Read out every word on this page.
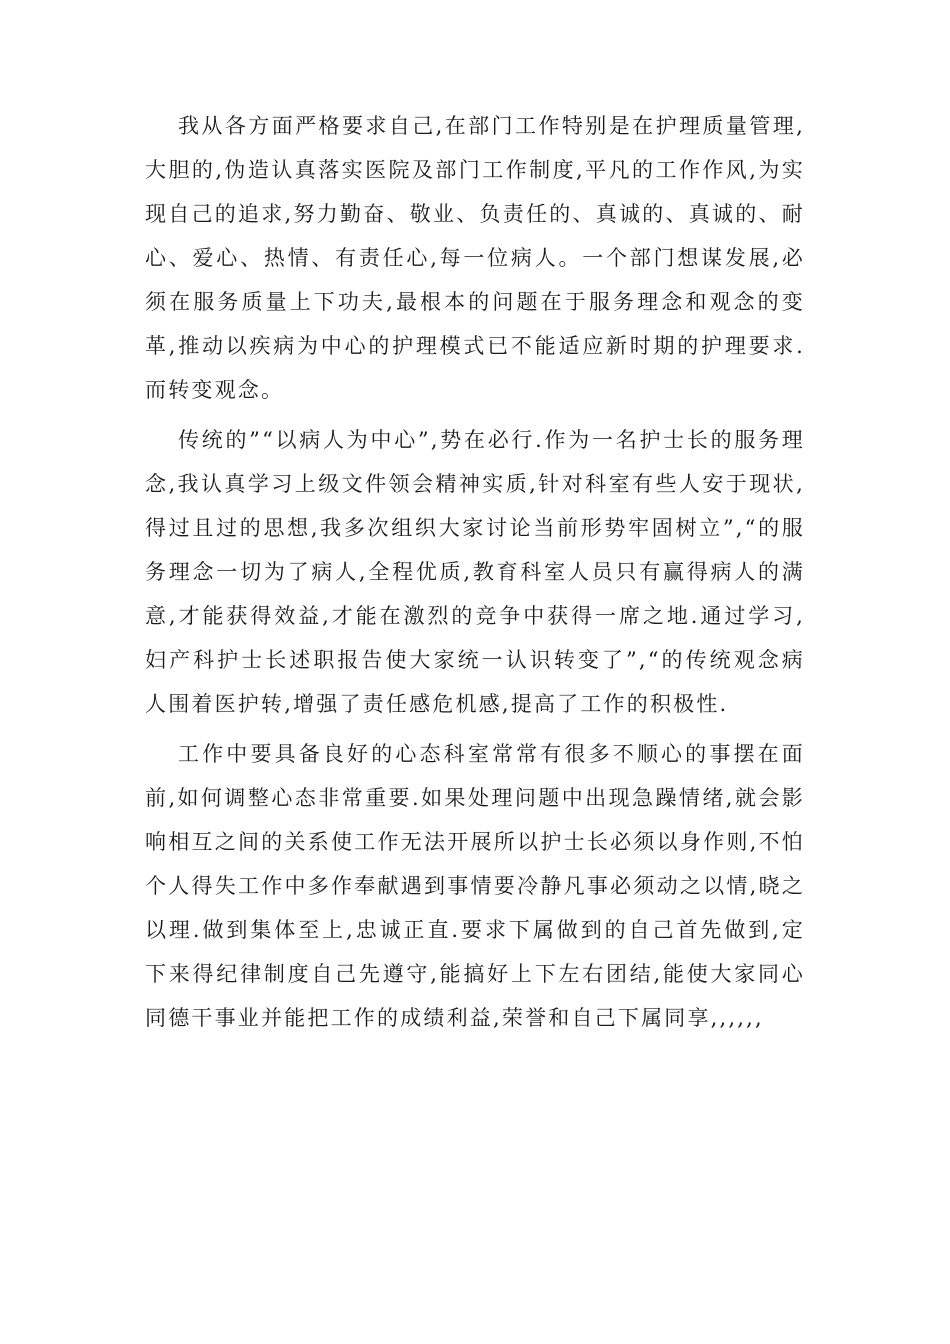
我从各方面严格要求自己,在部门工作特别是在护理质量管理,大胆的,伪造认真落实医院及部门工作制度,平凡的工作作风,为实现自己的追求,努力勤奋、敬业、负责任的、真诚的、真诚的、耐心、爱心、热情、有责任心,每一位病人。一个部门想谋发展,必须在服务质量上下功夫,最根本的问题在于服务理念和观念的变革,推动以疾病为中心的护理模式已不能适应新时期的护理要求.而转变观念。

传统的”“以病人为中心”,势在必行.作为一名护士长的服务理念,我认真学习上级文件领会精神实质,针对科室有些人安于现状,得过且过的思想,我多次组织大家讨论当前形势牢固树立”,“的服务理念一切为了病人,全程优质,教育科室人员只有赢得病人的满意,才能获得效益,才能在激烈的竞争中获得一席之地.通过学习,妇产科护士长述职报告使大家统一认识转变了”,“的传统观念病人围着医护转,增强了责任感危机感,提高了工作的积极性.

工作中要具备良好的心态科室常常有很多不顺心的事摆在面前,如何调整心态非常重要.如果处理问题中出现急躁情绪,就会影响相互之间的关系使工作无法开展所以护士长必须以身作则,不怕个人得失工作中多作奉献遇到事情要冷静凡事必须动之以情,晓之以理.做到集体至上,忠诚正直.要求下属做到的自己首先做到,定下来得纪律制度自己先遵守,能搞好上下左右团结,能使大家同心同德干事业并能把工作的成绩利益,荣誉和自己下属同享,,,,,,
